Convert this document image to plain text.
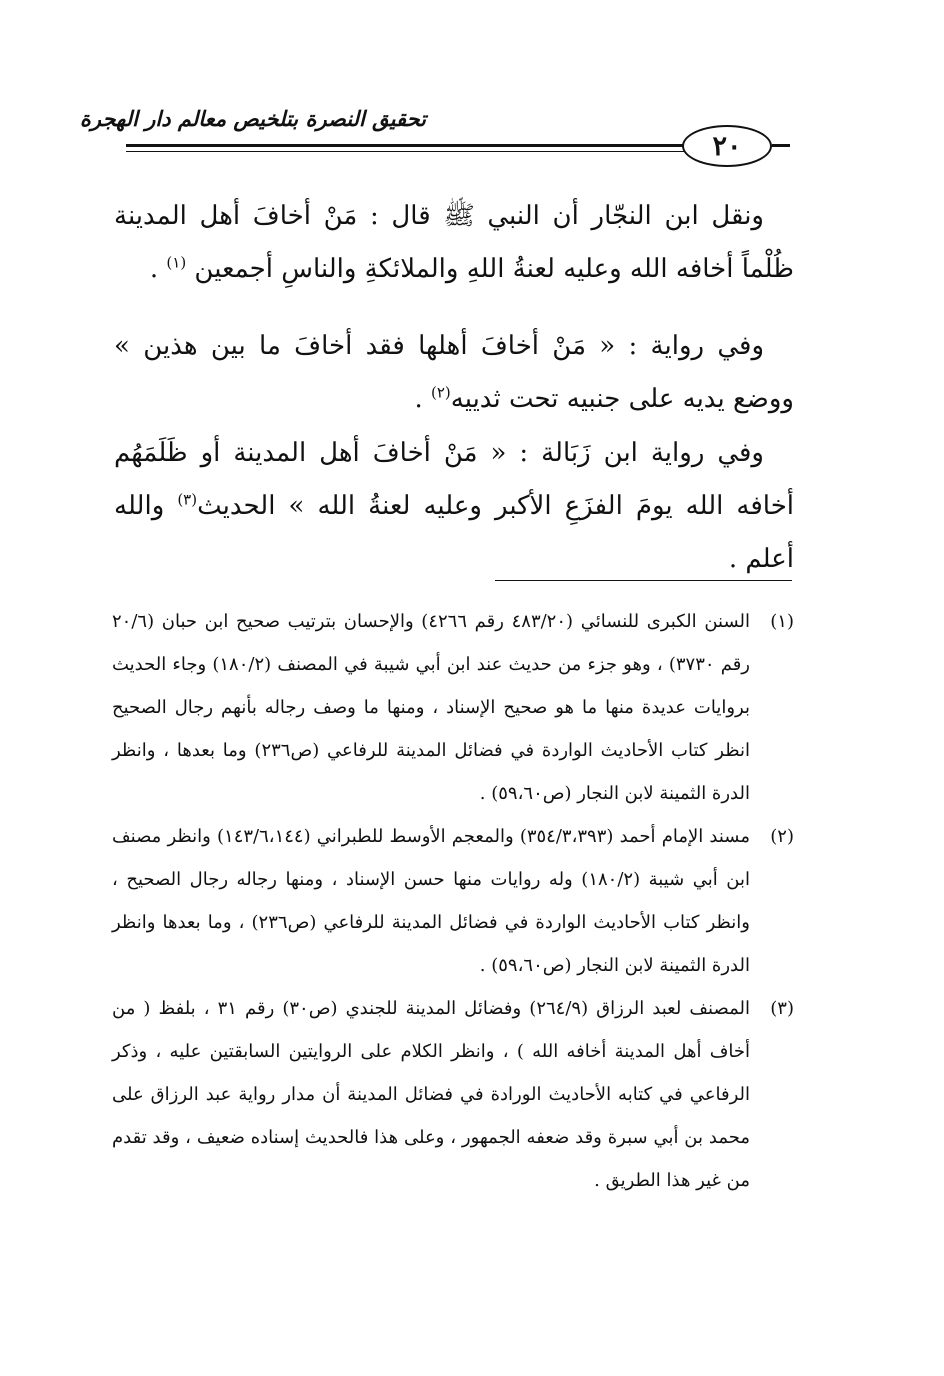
تحقيق النصرة بتلخيص معالم دار الهجرة
٢٠

ونقل ابن النجّار أن النبي ﷺ قال : مَنْ أخافَ أهل المدينة ظُلْماً أخافه الله وعليه لعنةُ اللهِ والملائكةِ والناسِ أجمعين $^{(١)}$ .

وفي رواية : « مَنْ أخافَ أهلها فقد أخافَ ما بين هذين » ووضع يديه على جنبيه تحت ثدييه$^{(٢)}$ .

وفي رواية ابن زَبَالة : « مَنْ أخافَ أهل المدينة أو ظَلَمَهُم أخافه الله يومَ الفزَعِ الأكبر وعليه لعنةُ الله » الحديث$^{(٣)}$ والله أعلم .

(١)
السنن الكبرى للنسائي (٤٨٣/٢٠ رقم ٤٢٦٦) والإحسان بترتيب صحيح ابن حبان (٢٠/٦ رقم ٣٧٣٠) ، وهو جزء من حديث عند ابن أبي شيبة في المصنف (١٨٠/٢) وجاء الحديث بروايات عديدة منها ما هو صحيح الإسناد ، ومنها ما وصف رجاله بأنهم رجال الصحيح انظر كتاب الأحاديث الواردة في فضائل المدينة للرفاعي (ص٢٣٦) وما بعدها ، وانظر الدرة الثمينة لابن النجار (ص٥٩،٦٠) .
(٢)
مسند الإمام أحمد (٣٥٤/٣،٣٩٣) والمعجم الأوسط للطبراني (١٤٣/٦،١٤٤) وانظر مصنف ابن أبي شيبة (١٨٠/٢) وله روايات منها حسن الإسناد ، ومنها رجاله رجال الصحيح ، وانظر كتاب الأحاديث الواردة في فضائل المدينة للرفاعي (ص٢٣٦) ، وما بعدها وانظر الدرة الثمينة لابن النجار (ص٥٩،٦٠) .
(٣)
المصنف لعبد الرزاق (٢٦٤/٩) وفضائل المدينة للجندي (ص٣٠) رقم ٣١ ، بلفظ ( من أخاف أهل المدينة أخافه الله ) ، وانظر الكلام على الروايتين السابقتين عليه ، وذكر الرفاعي في كتابه الأحاديث الورادة في فضائل المدينة أن مدار رواية عبد الرزاق على محمد بن أبي سبرة وقد ضعفه الجمهور ، وعلى هذا فالحديث إسناده ضعيف ، وقد تقدم من غير هذا الطريق .
